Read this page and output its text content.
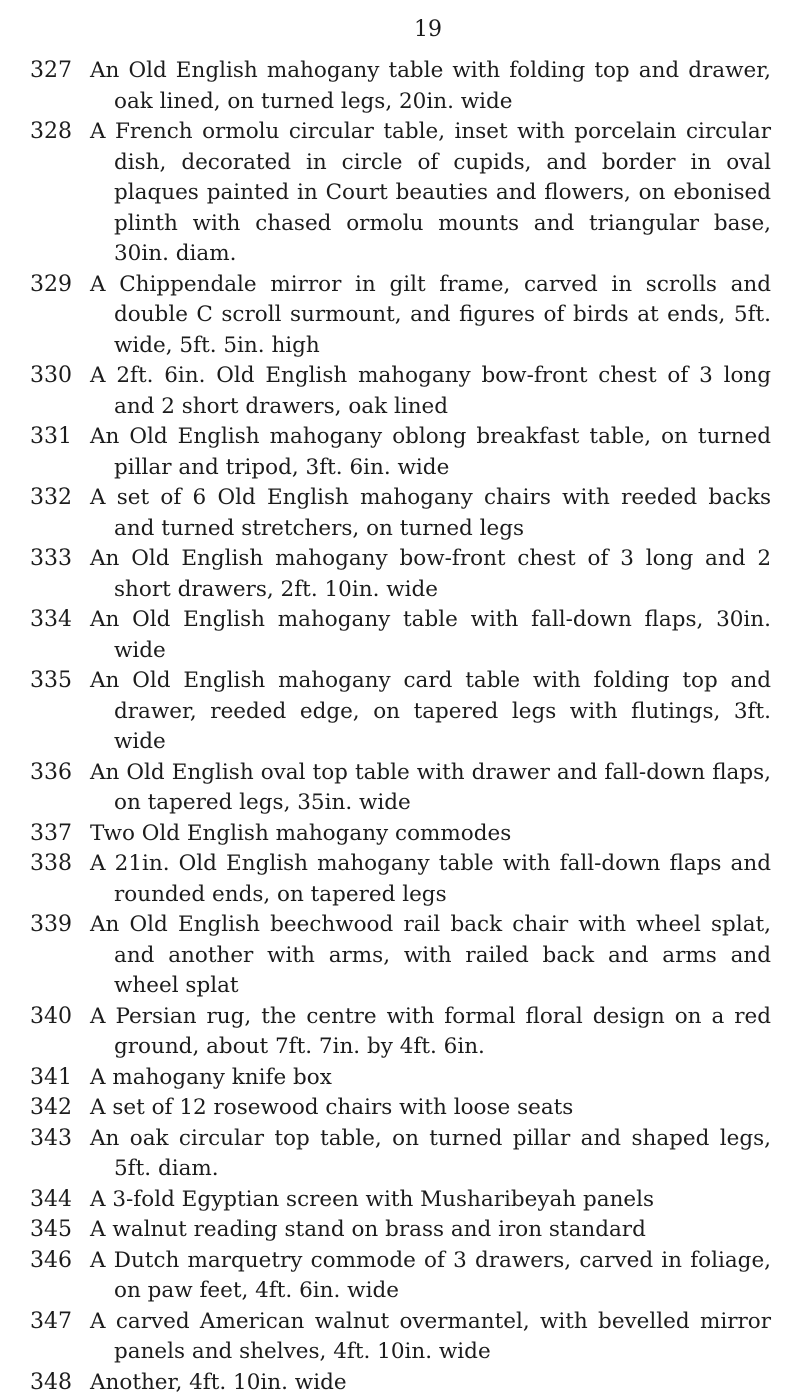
19
327 An Old English mahogany table with folding top and drawer, oak lined, on turned legs, 20in. wide
328 A French ormolu circular table, inset with porcelain circular dish, decorated in circle of cupids, and border in oval plaques painted in Court beauties and flowers, on ebonised plinth with chased ormolu mounts and triangular base, 30in. diam.
329 A Chippendale mirror in gilt frame, carved in scrolls and double C scroll surmount, and figures of birds at ends, 5ft. wide, 5ft. 5in. high
330 A 2ft. 6in. Old English mahogany bow-front chest of 3 long and 2 short drawers, oak lined
331 An Old English mahogany oblong breakfast table, on turned pillar and tripod, 3ft. 6in. wide
332 A set of 6 Old English mahogany chairs with reeded backs and turned stretchers, on turned legs
333 An Old English mahogany bow-front chest of 3 long and 2 short drawers, 2ft. 10in. wide
334 An Old English mahogany table with fall-down flaps, 30in. wide
335 An Old English mahogany card table with folding top and drawer, reeded edge, on tapered legs with flutings, 3ft. wide
336 An Old English oval top table with drawer and fall-down flaps, on tapered legs, 35in. wide
337 Two Old English mahogany commodes
338 A 21in. Old English mahogany table with fall-down flaps and rounded ends, on tapered legs
339 An Old English beechwood rail back chair with wheel splat, and another with arms, with railed back and arms and wheel splat
340 A Persian rug, the centre with formal floral design on a red ground, about 7ft. 7in. by 4ft. 6in.
341 A mahogany knife box
342 A set of 12 rosewood chairs with loose seats
343 An oak circular top table, on turned pillar and shaped legs, 5ft. diam.
344 A 3-fold Egyptian screen with Musharibeyah panels
345 A walnut reading stand on brass and iron standard
346 A Dutch marquetry commode of 3 drawers, carved in foliage, on paw feet, 4ft. 6in. wide
347 A carved American walnut overmantel, with bevelled mirror panels and shelves, 4ft. 10in. wide
348 Another, 4ft. 10in. wide
